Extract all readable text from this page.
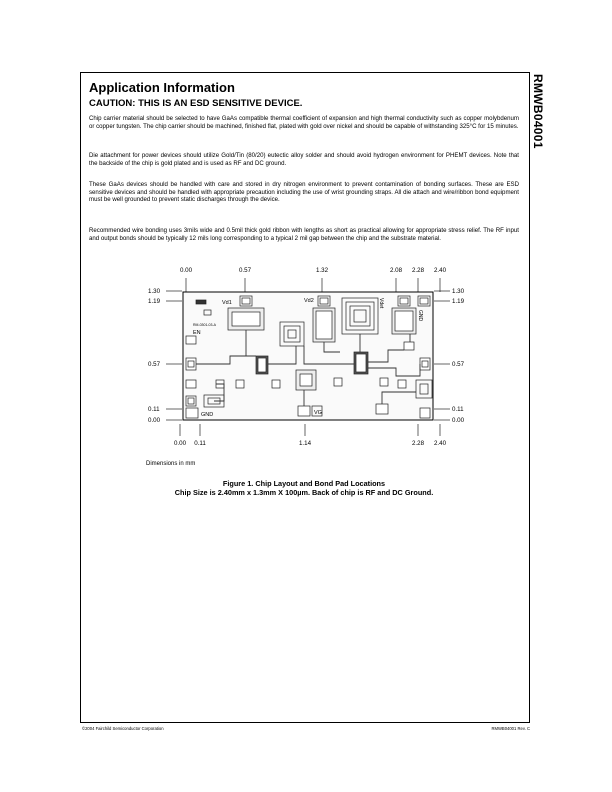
RMWB04001
Application Information
CAUTION: THIS IS AN ESD SENSITIVE DEVICE.

Chip carrier material should be selected to have GaAs compatible thermal coefficient of expansion and high thermal conductivity such as copper molybdenum or copper tungsten. The chip carrier should be machined, finished flat, plated with gold over nickel and should be capable of withstanding 325°C for 15 minutes.

Die attachment for power devices should utilize Gold/Tin (80/20) eutectic alloy solder and should avoid hydrogen environment for PHEMT devices. Note that the backside of the chip is gold plated and is used as RF and DC ground.

These GaAs devices should be handled with care and stored in dry nitrogen environment to prevent contamination of bonding surfaces. These are ESD sensitive devices and should be handled with appropriate precaution including the use of wrist grounding straps. All die attach and wire/ribbon bond equipment must be well grounded to prevent static discharges through the device.

Recommended wire bonding uses 3mils wide and 0.5mil thick gold ribbon with lengths as short as practical allowing for appropriate stress relief. The RF input and output bonds should be typically 12 mils long corresponding to a typical 2 mil gap between the chip and the substrate material.

0.00	0.57	1.32	2.08 2.28 2.40
0.00 0.11	1.14	2.28 2.40
1.30
1.19
0.57
0.11
0.00
1.30
1.19
0.57
0.11
0.00
Vd1	Vd2
GND	VG
EN
RM-0301-03-A
Vdet
GND
Dimensions in mm
Figure 1. Chip Layout and Bond Pad Locations
Chip Size is 2.40mm x 1.3mm X 100µm. Back of chip is RF and DC Ground.
©2004 Fairchild Semiconductor Corporation	RMWB04001 Rev. C
